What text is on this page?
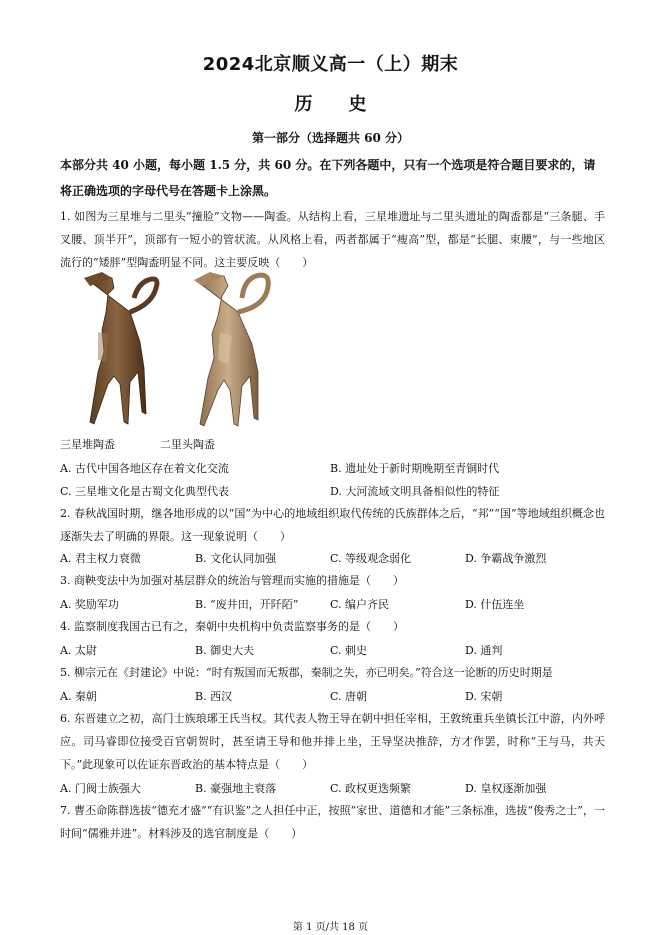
2024北京顺义高一（上）期末
历史
第一部分（选择题共 60 分）
本部分共 40 小题，每小题 1.5 分，共 60 分。在下列各题中，只有一个选项是符合题目要求的，请将正确选项的字母代号在答题卡上涂黑。
1. 如图为三星堆与二里头“撞脸”文物——陶盉。从结构上看，三星堆遗址与二里头遗址的陶盉都是“三条腿、手叉腰、顶半开”，顶部有一短小的管状流。从风格上看，两者都属于“瘦高”型，都是“长腿、束腰”，与一些地区流行的“矮胖”型陶盉明显不同。这主要反映（　　）
三星堆陶盉	二里头陶盉
A. 古代中国各地区存在着文化交流	B. 遗址处于新时期晚期至青铜时代
C. 三星堆文化是古蜀文化典型代表	D. 大河流域文明具备相似性的特征
2. 春秋战国时期，继各地形成的以“国”为中心的地域组织取代传统的氏族群体之后，“邦”“国”等地域组织概念也逐渐失去了明确的界限。这一现象说明（　　）
A. 君主权力衰微	B. 文化认同加强	C. 等级观念弱化	D. 争霸战争激烈
3. 商鞅变法中为加强对基层群众的统治与管理而实施的措施是（　　）
A. 奖励军功	B. “废井田，开阡陌”	C. 编户齐民	D. 什伍连坐
4. 监察制度我国古已有之，秦朝中央机构中负责监察事务的是（　　）
A. 太尉	B. 御史大夫	C. 刺史	D. 通判
5. 柳宗元在《封建论》中说：“时有叛国而无叛郡，秦制之失，亦已明矣。”符合这一论断的历史时期是
A. 秦朝	B. 西汉	C. 唐朝	D. 宋朝
6. 东晋建立之初，高门士族琅琊王氏当权。其代表人物王导在朝中担任宰相，王敦统重兵坐镇长江中游，内外呼应。司马睿即位接受百官朝贺时，甚至请王导和他并排上坐，王导坚决推辞，方才作罢，时称“王与马，共天下。”此现象可以佐证东晋政治的基本特点是（　　）
A. 门阀士族强大	B. 豪强地主衰落	C. 政权更迭频繁	D. 皇权逐渐加强
7. 曹丕命陈群选拔“德充才盛”“有识鉴”之人担任中正，按照“家世、道德和才能”三条标准，选拔“俊秀之士”，一时间“儒雅并进”。材料涉及的选官制度是（　　）
第 1 页/共 18 页
